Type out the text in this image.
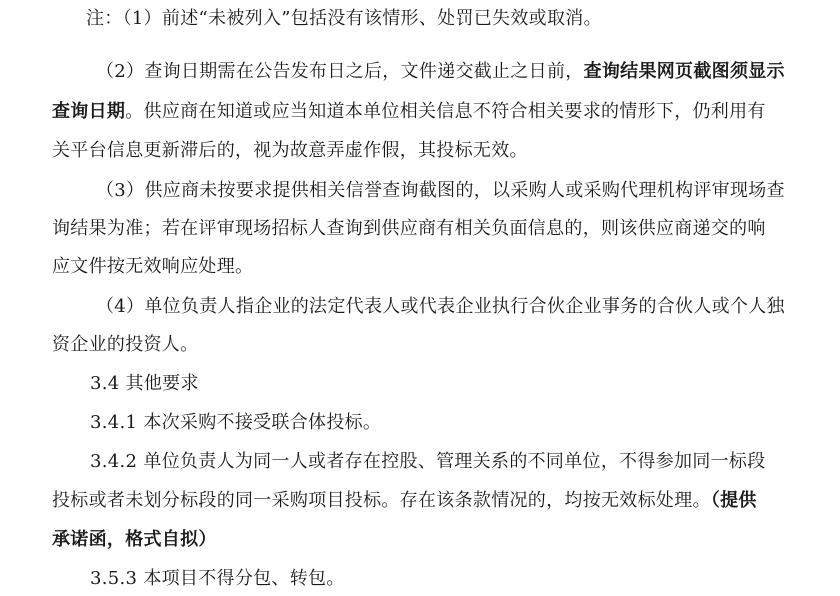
注：（1）前述“未被列入”包括没有该情形、处罚已失效或取消。
（2）查询日期需在公告发布日之后，文件递交截止之日前，查询结果网页截图须显示
查询日期。供应商在知道或应当知道本单位相关信息不符合相关要求的情形下，仍利用有
关平台信息更新滞后的，视为故意弄虚作假，其投标无效。
（3）供应商未按要求提供相关信誉查询截图的，以采购人或采购代理机构评审现场查
询结果为准；若在评审现场招标人查询到供应商有相关负面信息的，则该供应商递交的响
应文件按无效响应处理。
（4）单位负责人指企业的法定代表人或代表企业执行合伙企业事务的合伙人或个人独
资企业的投资人。
3.4 其他要求
3.4.1 本次采购不接受联合体投标。
3.4.2 单位负责人为同一人或者存在控股、管理关系的不同单位，不得参加同一标段
投标或者未划分标段的同一采购项目投标。存在该条款情况的，均按无效标处理。（提供
承诺函，格式自拟）
3.5.3 本项目不得分包、转包。
